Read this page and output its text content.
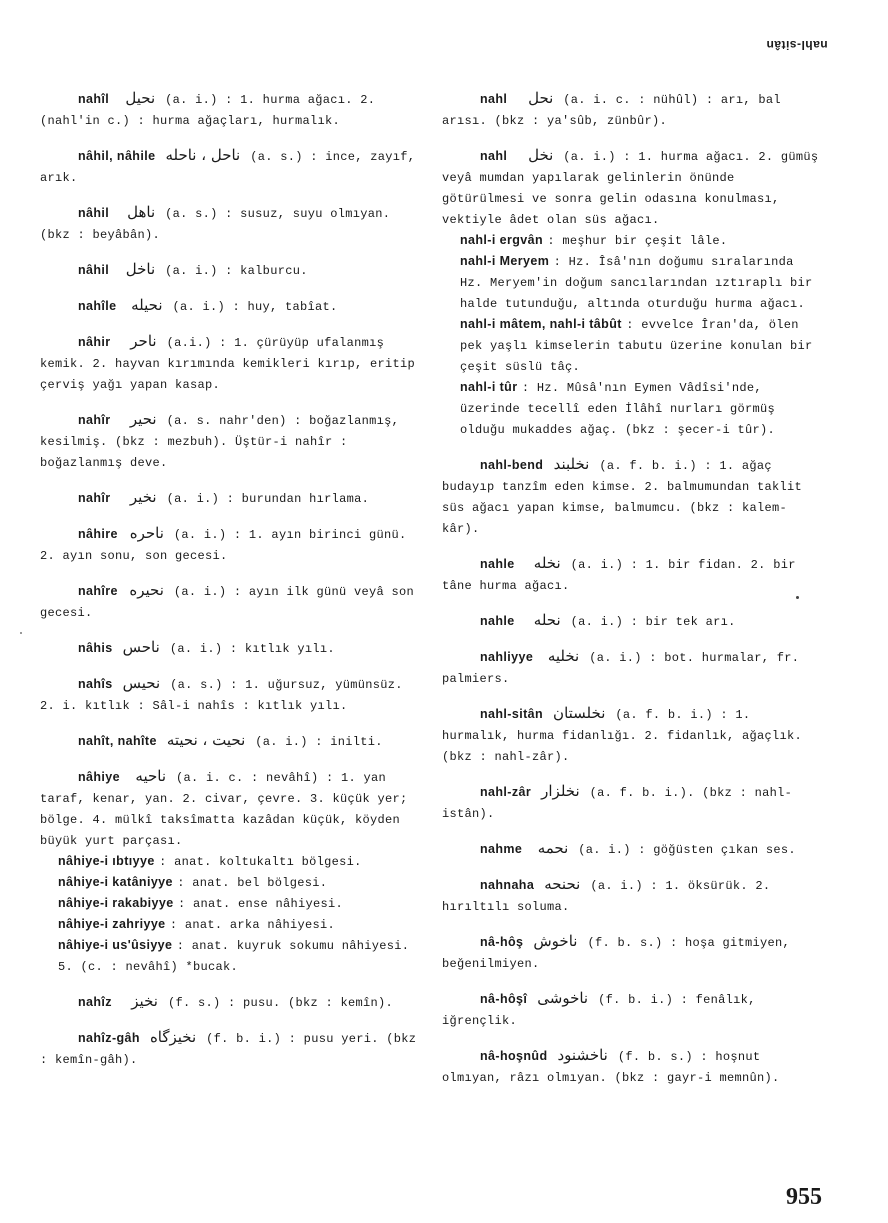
nahl-sitân
nahîl نحيل (a. i.) : 1. hurma ağacı. 2. (nahl'in c.) : hurma ağaçları, hurmalık.
nâhil, nâhile ناحل ، ناحله (a. s.) : ince, zayıf, arık.
nâhil ناهل (a. s.) : susuz, suyu olmıyan. (bkz : beyâbân).
nâhil ناخل (a. i.) : kalburcu.
nahîle نحيله (a. i.) : huy, tabîat.
nâhir ناحر (a.i.) : 1. çürüyüp ufalanmış kemik. 2. hayvan kırımında kemikleri kırıp, eritip çerviş yağı yapan kasap.
nahîr نحير (a. s. nahr'den) : boğazlanmış, kesilmiş. (bkz : mezbuh). Üştür-i nahîr : boğazlanmış deve.
nahîr نخير (a. i.) : burundan hırlama.
nâhire ناحره (a. i.) : 1. ayın birinci günü. 2. ayın sonu, son gecesi.
nahîre نحيره (a. i.) : ayın ilk günü veyâ son gecesi.
nâhis ناحس (a. i.) : kıtlık yılı.
nahîs نحيس (a. s.) : 1. uğursuz, yümünsüz. 2. i. kıtlık : Sâl-i nahîs : kıtlık yılı.
nahît, nahîte نحيت ، نحيته (a. i.) : inilti.
nâhiye ناحيه (a. i. c. : nevâhî) : 1. yan taraf, kenar, yan. 2. civar, çevre. 3. küçük yer; bölge. 4. mülkî taksîmatta kazâdan küçük, köyden büyük yurt parçası.
nâhiye-i ıbtıyye : anat. koltukaltı bölgesi.
nâhiye-i katâniyye : anat. bel bölgesi.
nâhiye-i rakabiyye : anat. ense nâhiyesi.
nâhiye-i zahriyye : anat. arka nâhiyesi.
nâhiye-i us'ûsiyye : anat. kuyruk sokumu nâhiyesi. 5. (c. : nevâhî) *bucak.
nahîz نخيز (f. s.) : pusu. (bkz : kemîn).
nahîz-gâh نخيزگاه (f. b. i.) : pusu yeri. (bkz : kemîn-gâh).
nahl نحل (a. i. c. : nühûl) : arı, bal arısı. (bkz : ya'sûb, zünbûr).
nahl نخل (a. i.) : 1. hurma ağacı. 2. gümüş veyâ mumdan yapılarak gelinlerin önünde götürülmesi ve sonra gelin odasına konulması, vektiyle âdet olan süs ağacı.
nahl-i ergvân : meşhur bir çeşit lâle.
nahl-i Meryem : Hz. Îsâ'nın doğumu sıralarında Hz. Meryem'in doğum sancılarından ıztıraplı bir halde tutunduğu, altında oturduğu hurma ağacı.
nahl-i mâtem, nahl-i tâbût : evvelce Îran'da, ölen pek yaşlı kimselerin tabutu üzerine konulan bir çeşit süslü tâç.
nahl-i tûr : Hz. Mûsâ'nın Eymen Vâdîsi'nde, üzerinde tecellî eden İlâhî nurları görmüş olduğu mukaddes ağaç. (bkz : şecer-i tûr).
nahl-bend نخلبند (a. f. b. i.) : 1. ağaç budayıp tanzîm eden kimse. 2. balmumundan taklit süs ağacı yapan kimse, balmumcu. (bkz : kalem-kâr).
nahle نخله (a. i.) : 1. bir fidan. 2. bir tâne hurma ağacı.
nahle نحله (a. i.) : bir tek arı.
nahliyye نخليه (a. i.) : bot. hurmalar, fr. palmiers.
nahl-sitân نخلستان (a. f. b. i.) : 1. hurmalık, hurma fidanlığı. 2. fidanlık, ağaçlık. (bkz : nahl-zâr).
nahl-zâr نخلزار (a. f. b. i.). (bkz : nahl-istân).
nahme نحمه (a. i.) : göğüsten çıkan ses.
nahnaha نحنحه (a. i.) : 1. öksürük. 2. hırıltılı soluma.
nâ-hôş ناخوش (f. b. s.) : hoşa gitmiyen, beğenilmiyen.
nâ-hôşî ناخوشى (f. b. i.) : fenâlık, iğrençlik.
nâ-hoşnûd ناخشنود (f. b. s.) : hoşnut olmıyan, râzı olmıyan. (bkz : gayr-i memnûn).
955
